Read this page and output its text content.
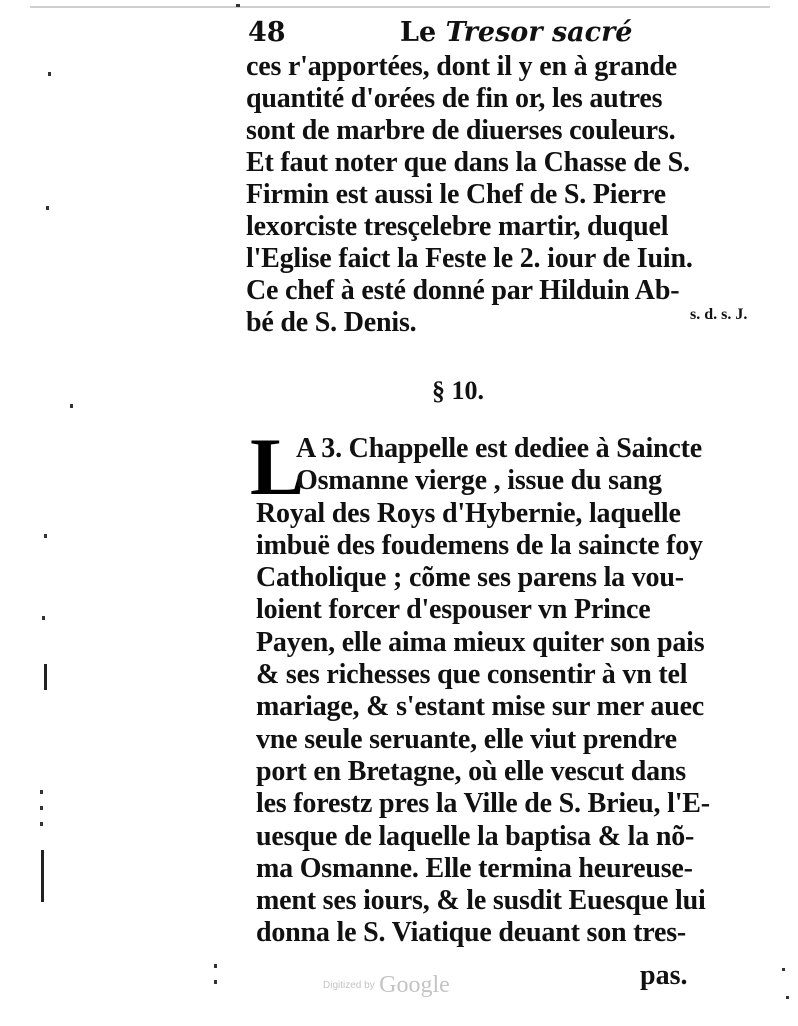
48	Le Tresor sacré
ces r'apportées, dont il y en à grande
quantité d'orées de fin or, les autres
sont de marbre de diuerses couleurs.
Et faut noter que dans la Chasse de S.
Firmin est aussi le Chef de S. Pierre
lexorciste tresçelebre martir, duquel
l'Eglise faict la Feste le 2. iour de Iuin.
Ce chef à esté donné par Hilduin Ab-
bé de S. Denis.	s. d. s. J.
§ 10.
L
A 3. Chappelle est dediee à Saincte
Osmanne vierge , issue du sang
Royal des Roys d'Hybernie, laquelle
imbuë des foudemens de la saincte foy
Catholique ; cõme ses parens la vou-
loient forcer d'espouser vn Prince
Payen, elle aima mieux quiter son pais
& ses richesses que consentir à vn tel
mariage, & s'estant mise sur mer auec
vne seule seruante, elle viut prendre
port en Bretagne, où elle vescut dans
les forestz pres la Ville de S. Brieu, l'E-
uesque de laquelle la baptisa & la nõ-
ma Osmanne. Elle termina heureuse-
ment ses iours, & le susdit Euesque lui
donna le S. Viatique deuant son tres-
pas.
Digitized by Google
